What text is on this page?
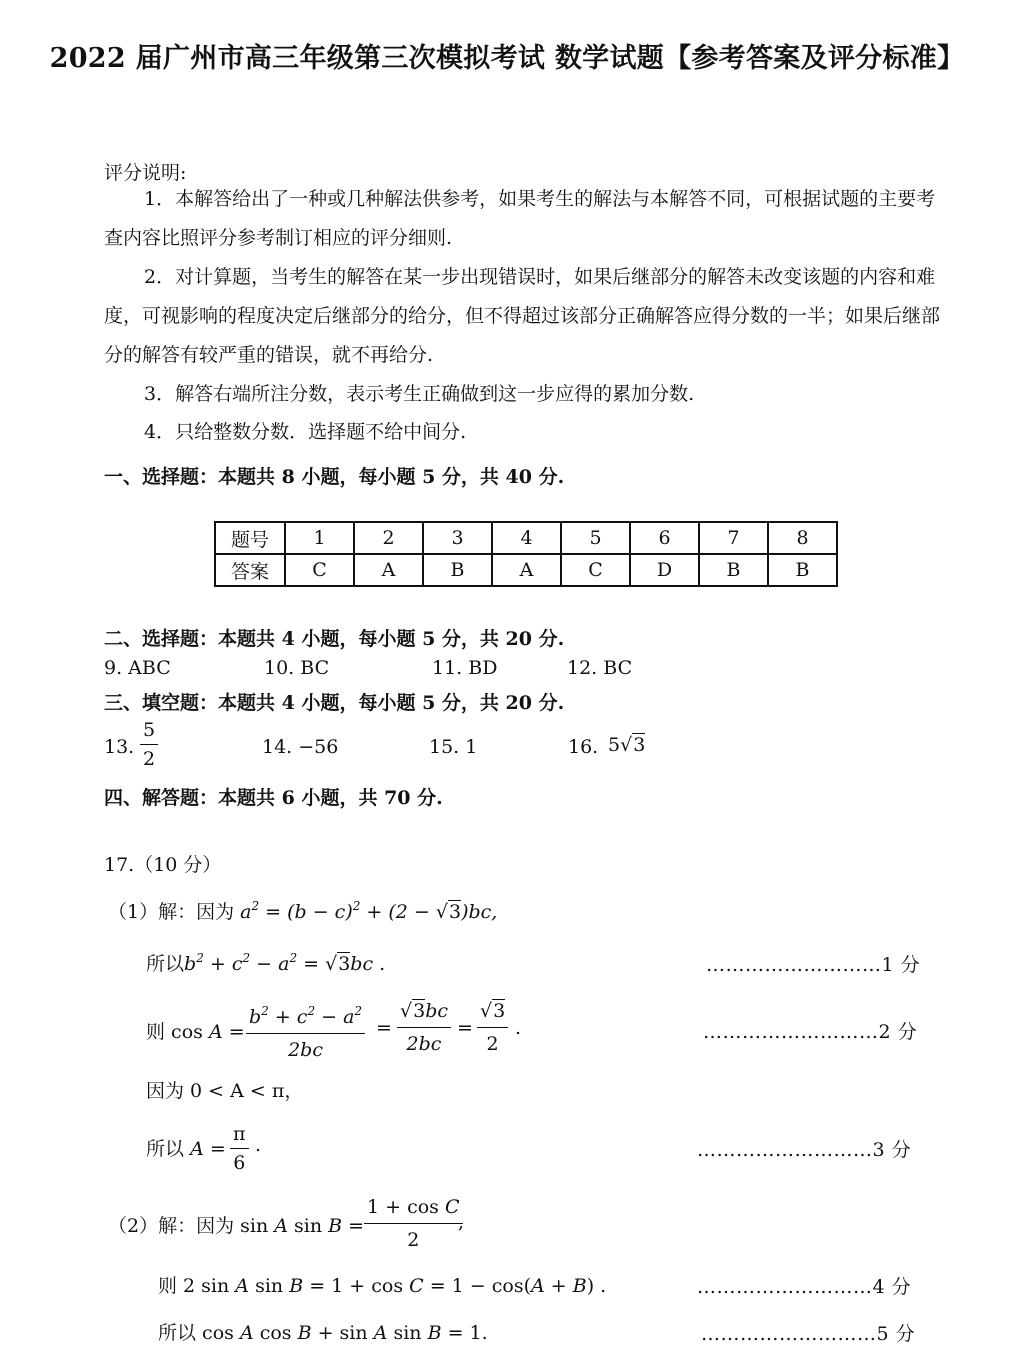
2022 届广州市高三年级第三次模拟考试 数学试题【参考答案及评分标准】
评分说明:
1．本解答给出了一种或几种解法供参考，如果考生的解法与本解答不同，可根据试题的主要考查内容比照评分参考制订相应的评分细则.
2．对计算题，当考生的解答在某一步出现错误时，如果后继部分的解答未改变该题的内容和难度，可视影响的程度决定后继部分的给分，但不得超过该部分正确解答应得分数的一半；如果后继部分的解答有较严重的错误，就不再给分.
3．解答右端所注分数，表示考生正确做到这一步应得的累加分数.
4．只给整数分数．选择题不给中间分.
一、选择题：本题共 8 小题，每小题 5 分，共 40 分.
题号	1	2	3	4	5	6	7	8
答案	C	A	B	A	C	D	B	B
二、选择题：本题共 4 小题，每小题 5 分，共 20 分.
9. ABC	10. BC	11. BD	12. BC
三、填空题：本题共 4 小题，每小题 5 分，共 20 分.
13. $\frac{5}{2}$	14. −56	15. 1	16. 5√3
四、解答题：本题共 6 小题，共 70 分.
17.（10 分）
（1）解：因为 $a^2 = (b - c)^2 + (2 - √3)bc$,
所以$b^2 + c^2 - a^2 = √3bc$ .	………………………1 分
则 $\cos A = \frac{b^2 + c^2 - a^2}{2bc} = \frac{√3bc}{2bc} = \frac{√3}{2}$ .	………………………2 分
因为 0 < A < π，
所以 $A = \frac{\pi}{6}$ .	………………………3 分
（2）解：因为 sin A $\sin B = \frac{\text{1 + cos C}}{2}$
,
则 2 sin A sin B = 1 + cos C = 1 − cos(A + B) .	………………………4 分
所以 cos A cos B + sin A sin B = 1.	………………………5 分
